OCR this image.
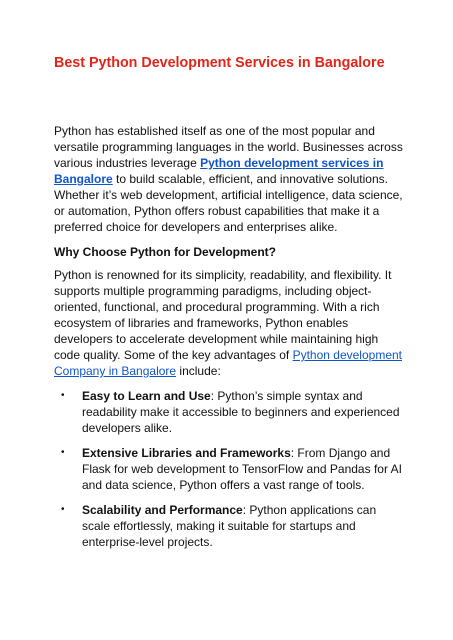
Best Python Development Services in Bangalore

Python has established itself as one of the most popular and versatile programming languages in the world. Businesses across various industries leverage Python development services in Bangalore to build scalable, efficient, and innovative solutions. Whether it’s web development, artificial intelligence, data science, or automation, Python offers robust capabilities that make it a preferred choice for developers and enterprises alike.

Why Choose Python for Development?

Python is renowned for its simplicity, readability, and flexibility. It supports multiple programming paradigms, including object-oriented, functional, and procedural programming. With a rich ecosystem of libraries and frameworks, Python enables developers to accelerate development while maintaining high code quality. Some of the key advantages of Python development Company in Bangalore include:

• Easy to Learn and Use: Python’s simple syntax and readability make it accessible to beginners and experienced developers alike.
• Extensive Libraries and Frameworks: From Django and Flask for web development to TensorFlow and Pandas for AI and data science, Python offers a vast range of tools.
• Scalability and Performance: Python applications can scale effortlessly, making it suitable for startups and enterprise-level projects.
